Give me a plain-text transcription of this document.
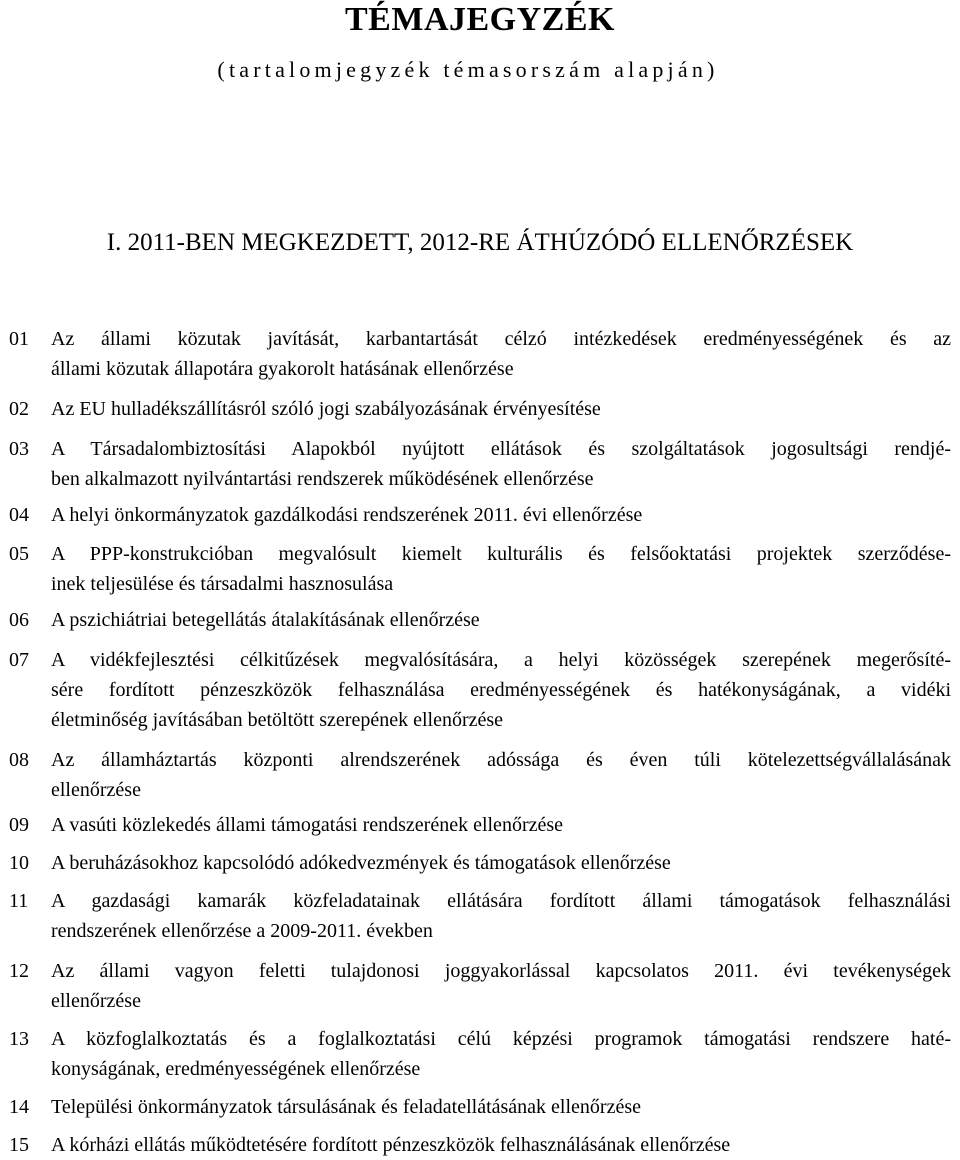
TÉMAJEGYZÉK
(tartalomjegyzék témasorszám alapján)
I. 2011-BEN MEGKEZDETT, 2012-RE ÁTHÚZÓDÓ ELLENŐRZÉSEK
01	Az állami közutak javítását, karbantartását célzó intézkedések eredményességének és az
állami közutak állapotára gyakorolt hatásának ellenőrzése
02	Az EU hulladékszállításról szóló jogi szabályozásának érvényesítése
03	A Társadalombiztosítási Alapokból nyújtott ellátások és szolgáltatások jogosultsági rendjé-
ben alkalmazott nyilvántartási rendszerek működésének ellenőrzése
04	A helyi önkormányzatok gazdálkodási rendszerének 2011. évi ellenőrzése
05	A PPP-konstrukcióban megvalósult kiemelt kulturális és felsőoktatási projektek szerződése-
inek teljesülése és társadalmi hasznosulása
06	A pszichiátriai betegellátás átalakításának ellenőrzése
07	A vidékfejlesztési célkitűzések megvalósítására, a helyi közösségek szerepének megerősíté-
sére fordított pénzeszközök felhasználása eredményességének és hatékonyságának, a vidéki
életminőség javításában betöltött szerepének ellenőrzése
08	Az államháztartás központi alrendszerének adóssága és éven túli kötelezettségvállalásának
ellenőrzése
09	A vasúti közlekedés állami támogatási rendszerének ellenőrzése
10	A beruházásokhoz kapcsolódó adókedvezmények és támogatások ellenőrzése
11	A gazdasági kamarák közfeladatainak ellátására fordított állami támogatások felhasználási
rendszerének ellenőrzése a 2009-2011. években
12	Az állami vagyon feletti tulajdonosi joggyakorlással kapcsolatos 2011. évi tevékenységek
ellenőrzése
13	A közfoglalkoztatás és a foglalkoztatási célú képzési programok támogatási rendszere haté-
konyságának, eredményességének ellenőrzése
14	Települési önkormányzatok társulásának és feladatellátásának ellenőrzése
15	A kórházi ellátás működtetésére fordított pénzeszközök felhasználásának ellenőrzése
